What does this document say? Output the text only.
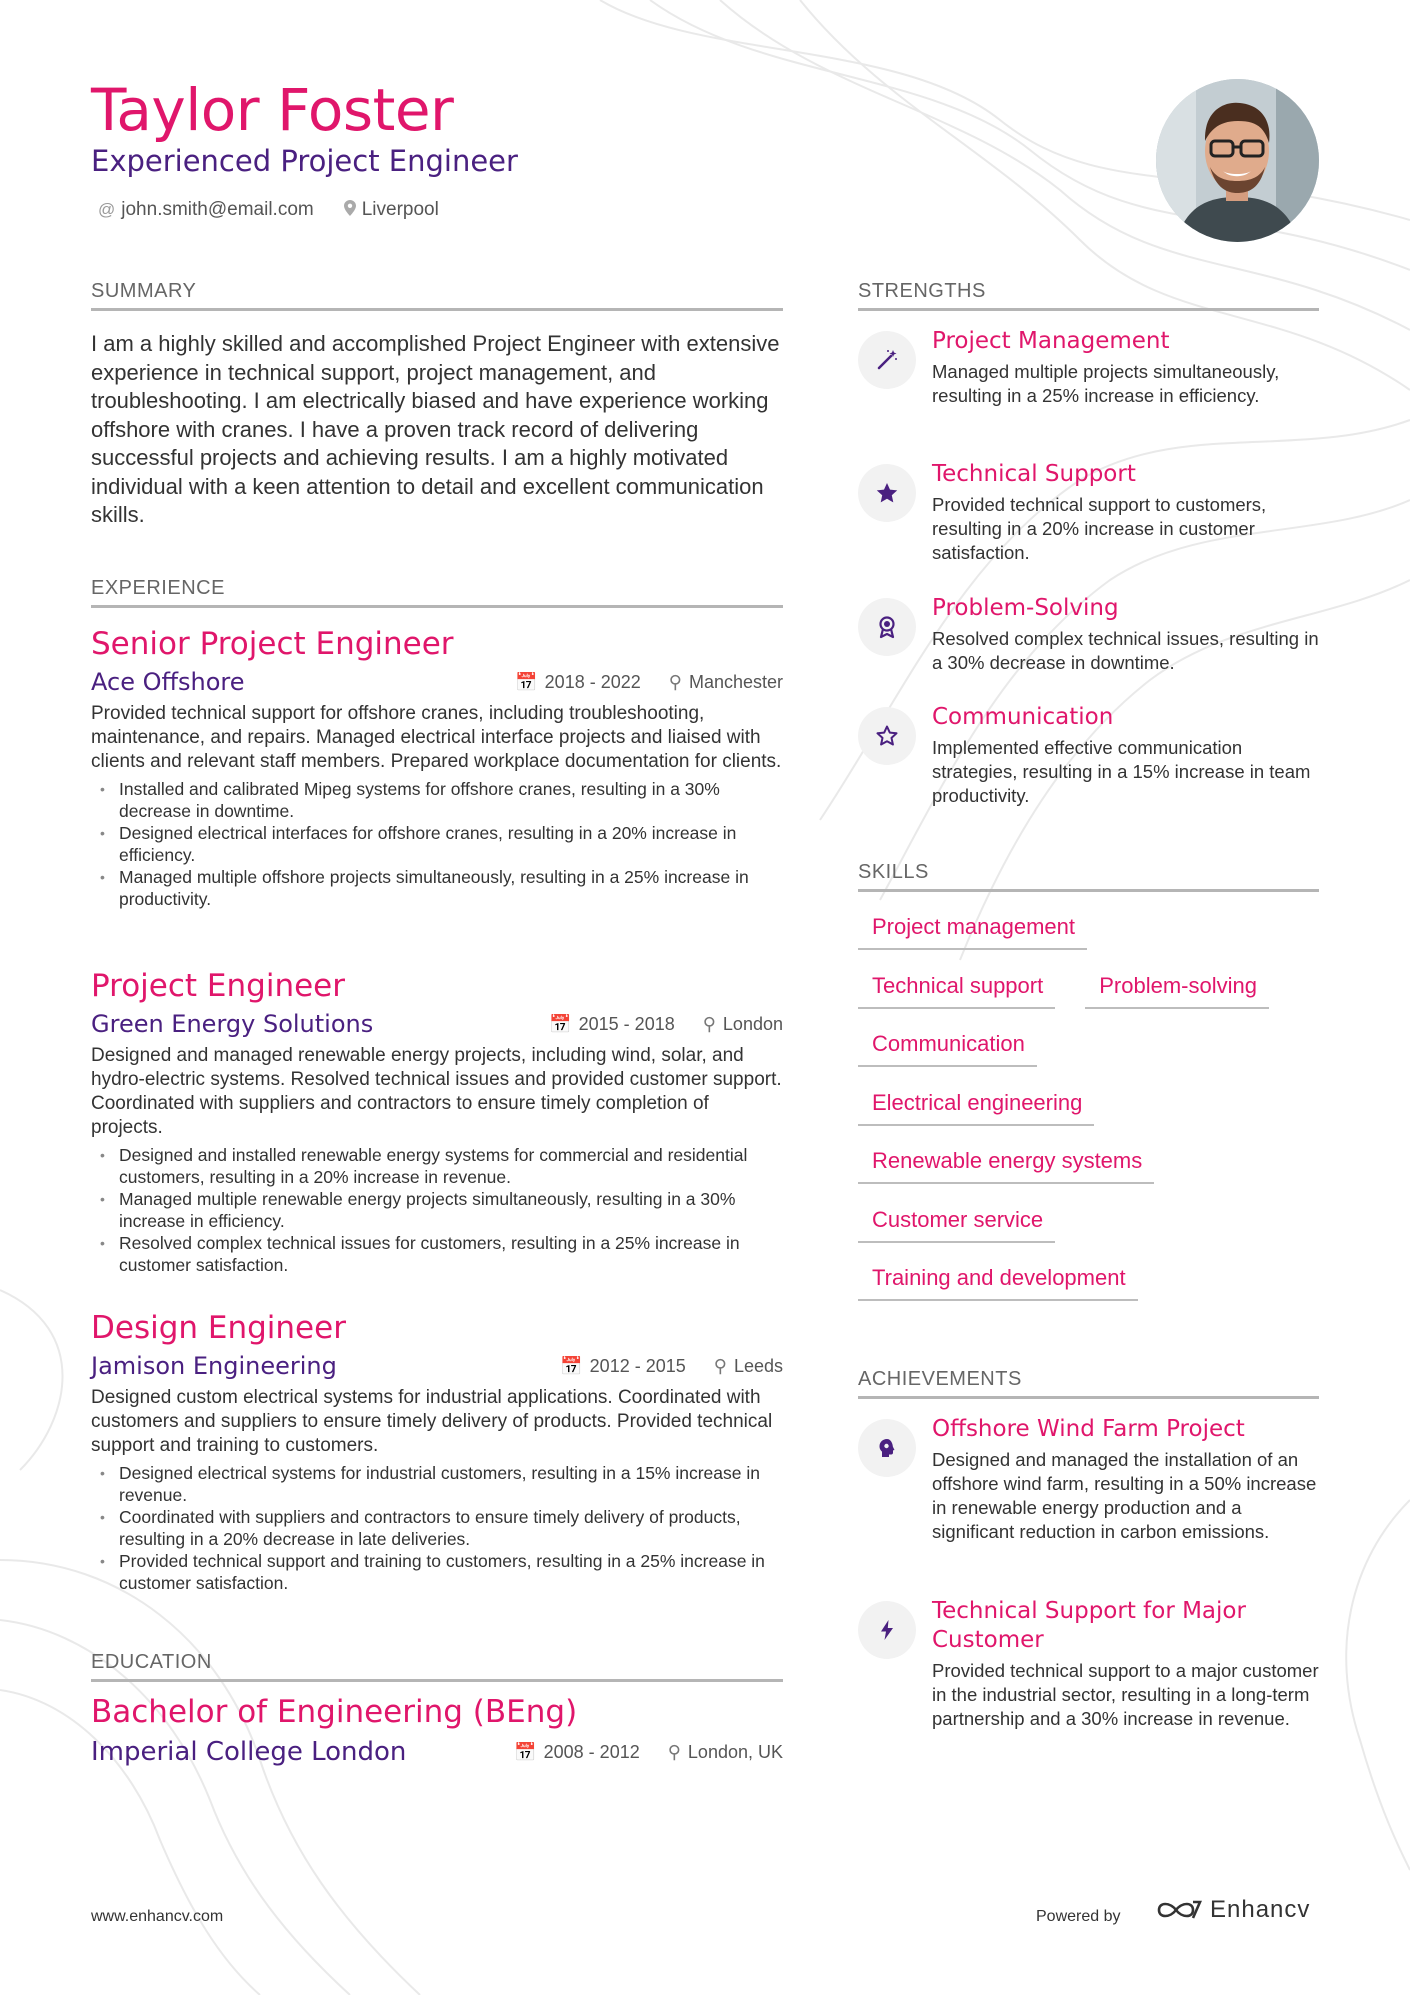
Taylor Foster
Experienced Project Engineer
@ john.smith@email.com	Liverpool
SUMMARY

I am a highly skilled and accomplished Project Engineer with extensive experience in technical support, project management, and troubleshooting. I am electrically biased and have experience working offshore with cranes. I have a proven track record of delivering successful projects and achieving results. I am a highly motivated individual with a keen attention to detail and excellent communication skills.

EXPERIENCE
Senior Project Engineer
Ace Offshore	📅 2018 - 2022 ⚲ Manchester

Provided technical support for offshore cranes, including troubleshooting, maintenance, and repairs. Managed electrical interface projects and liaised with clients and relevant staff members. Prepared workplace documentation for clients.

• Installed and calibrated Mipeg systems for offshore cranes, resulting in a 30% decrease in downtime.
• Designed electrical interfaces for offshore cranes, resulting in a 20% increase in efficiency.
• Managed multiple offshore projects simultaneously, resulting in a 25% increase in productivity.
Project Engineer
Green Energy Solutions	📅 2015 - 2018 ⚲ London

Designed and managed renewable energy projects, including wind, solar, and hydro-electric systems. Resolved technical issues and provided customer support. Coordinated with suppliers and contractors to ensure timely completion of projects.

• Designed and installed renewable energy systems for commercial and residential customers, resulting in a 20% increase in revenue.
• Managed multiple renewable energy projects simultaneously, resulting in a 30% increase in efficiency.
• Resolved complex technical issues for customers, resulting in a 25% increase in customer satisfaction.
Design Engineer
Jamison Engineering	📅 2012 - 2015 ⚲ Leeds

Designed custom electrical systems for industrial applications. Coordinated with customers and suppliers to ensure timely delivery of products. Provided technical support and training to customers.

• Designed electrical systems for industrial customers, resulting in a 15% increase in revenue.
• Coordinated with suppliers and contractors to ensure timely delivery of products, resulting in a 20% decrease in late deliveries.
• Provided technical support and training to customers, resulting in a 25% increase in customer satisfaction.
EDUCATION
Bachelor of Engineering (BEng)
Imperial College London	📅 2008 - 2012 ⚲ London, UK
STRENGTHS
Project Management
Managed multiple projects simultaneously, resulting in a 25% increase in efficiency.
Technical Support
Provided technical support to customers, resulting in a 20% increase in customer satisfaction.
Problem-Solving
Resolved complex technical issues, resulting in a 30% decrease in downtime.
Communication
Implemented effective communication strategies, resulting in a 15% increase in team productivity.
SKILLS
Project management
Technical support	Problem-solving
Communication
Electrical engineering
Renewable energy systems
Customer service
Training and development
ACHIEVEMENTS
Offshore Wind Farm Project
Designed and managed the installation of an offshore wind farm, resulting in a 50% increase in renewable energy production and a significant reduction in carbon emissions.
Technical Support for Major Customer
Provided technical support to a major customer in the industrial sector, resulting in a long-term partnership and a 30% increase in revenue.
www.enhancv.com	Powered by	Enhancv
